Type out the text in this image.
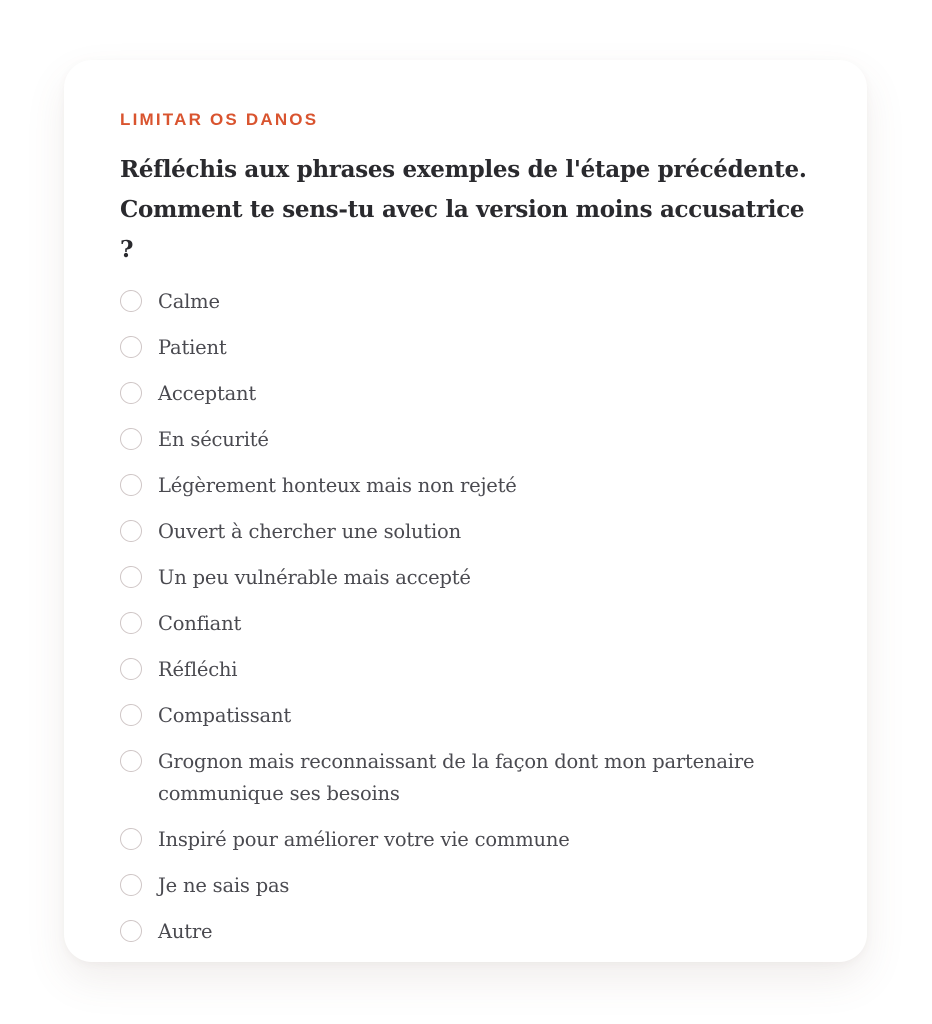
LIMITAR OS DANOS

Réfléchis aux phrases exemples de l'étape précédente.
Comment te sens-tu avec la version moins accusatrice ?
Calme
Patient
Acceptant
En sécurité
Légèrement honteux mais non rejeté
Ouvert à chercher une solution
Un peu vulnérable mais accepté
Confiant
Réfléchi
Compatissant
Grognon mais reconnaissant de la façon dont mon partenaire communique ses besoins
Inspiré pour améliorer votre vie commune
Je ne sais pas
Autre
